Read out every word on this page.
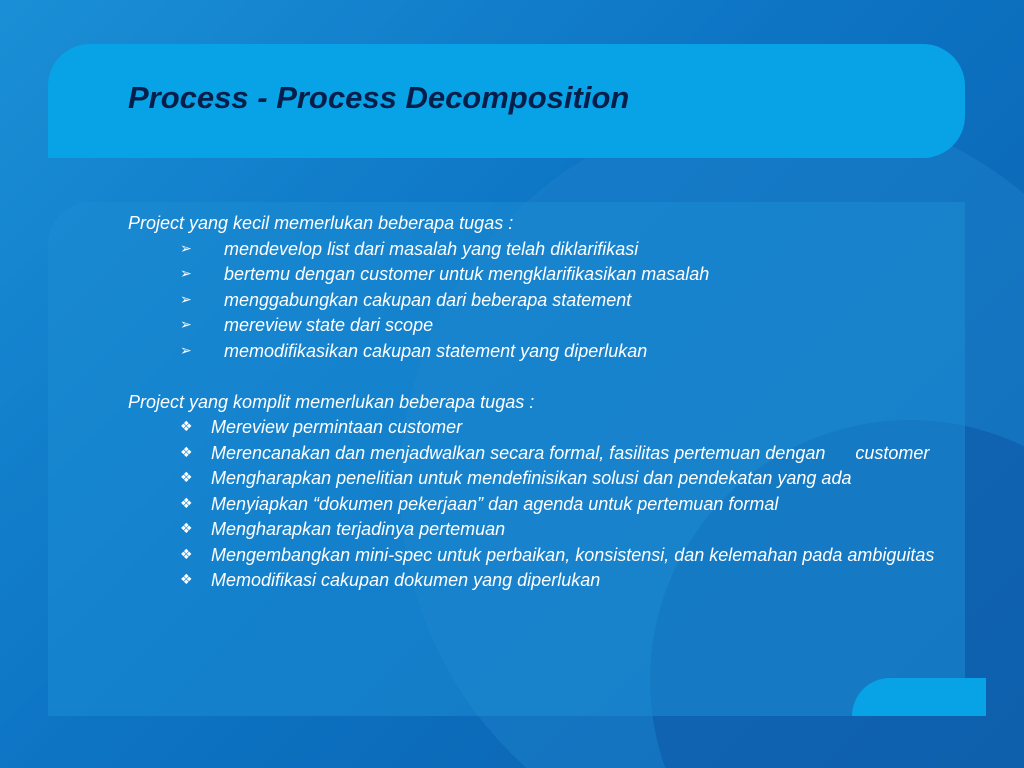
Process - Process Decomposition

Project yang kecil memerlukan beberapa tugas :

➢ mendevelop list dari masalah yang telah diklarifikasi
➢ bertemu dengan customer untuk mengklarifikasikan masalah
➢ menggabungkan cakupan dari beberapa statement
➢ mereview state dari scope
➢ memodifikasikan cakupan statement yang diperlukan

Project yang komplit memerlukan beberapa tugas :

❖ Mereview permintaan customer
❖ Merencanakan dan menjadwalkan secara formal, fasilitas pertemuan dengan      customer
❖ Mengharapkan penelitian untuk mendefinisikan solusi dan pendekatan yang ada
❖ Menyiapkan “dokumen pekerjaan” dan agenda untuk pertemuan formal
❖ Mengharapkan terjadinya pertemuan
❖ Mengembangkan mini-spec untuk perbaikan, konsistensi, dan kelemahan pada ambiguitas
❖ Memodifikasi cakupan dokumen yang diperlukan
